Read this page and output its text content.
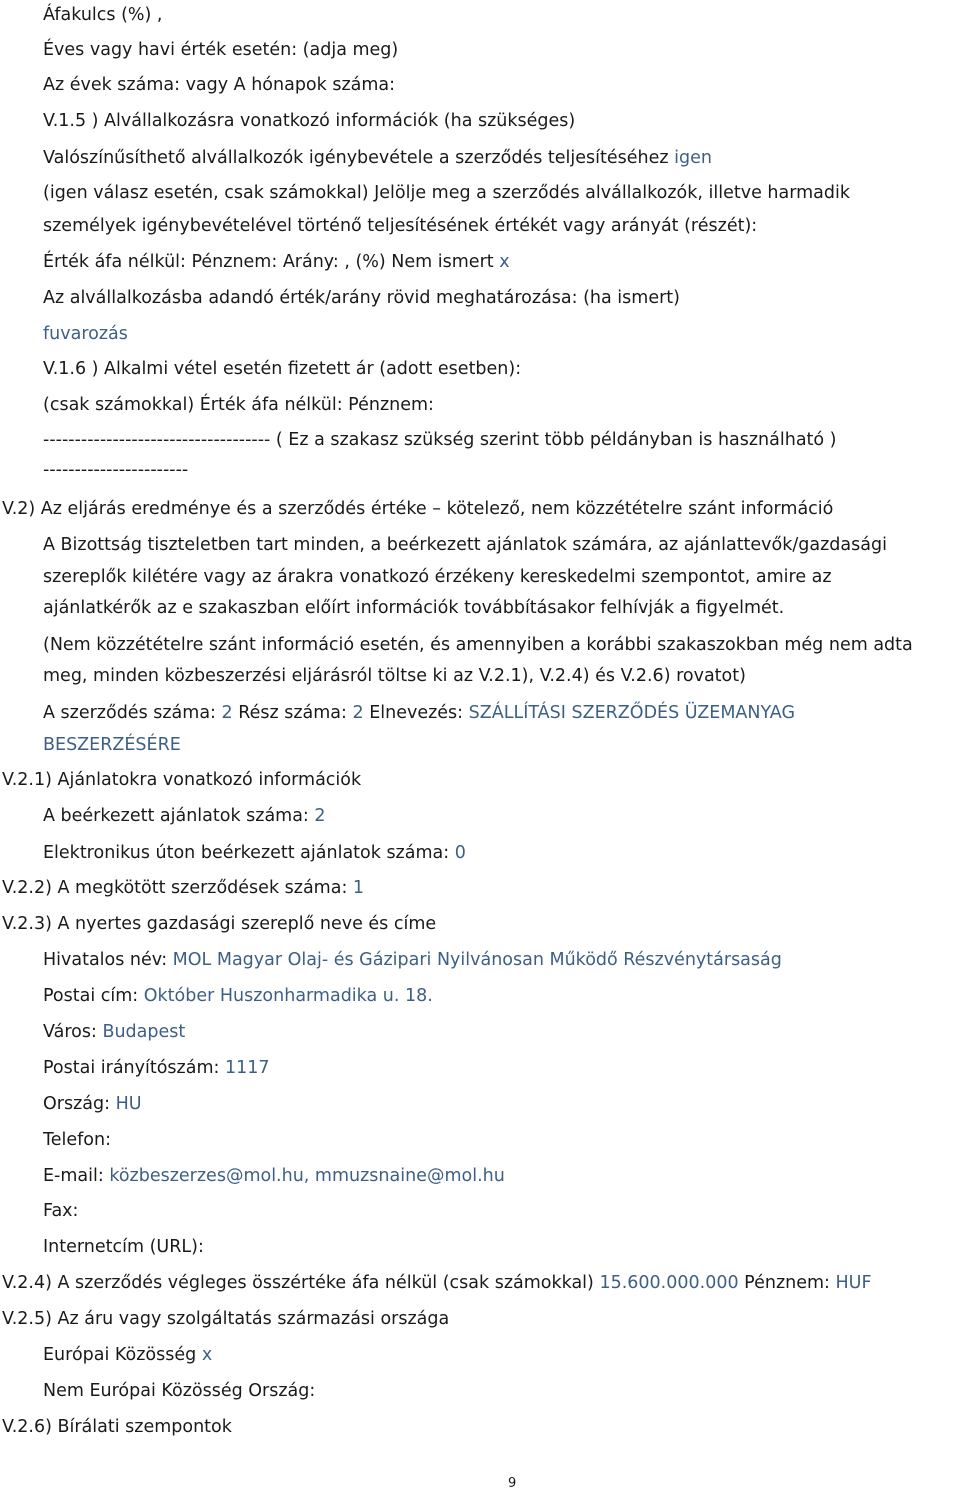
Áfakulcs (%) ,
Éves vagy havi érték esetén: (adja meg)
Az évek száma: vagy A hónapok száma:
V.1.5 ) Alvállalkozásra vonatkozó információk (ha szükséges)
Valószínűsíthető alvállalkozók igénybevétele a szerződés teljesítéséhez igen
(igen válasz esetén, csak számokkal) Jelölje meg a szerződés alvállalkozók, illetve harmadik
személyek igénybevételével történő teljesítésének értékét vagy arányát (részét):
Érték áfa nélkül: Pénznem: Arány: , (%) Nem ismert x
Az alvállalkozásba adandó érték/arány rövid meghatározása: (ha ismert)
fuvarozás
V.1.6 ) Alkalmi vétel esetén fizetett ár (adott esetben):
(csak számokkal) Érték áfa nélkül: Pénznem:
------------------------------------ ( Ez a szakasz szükség szerint több példányban is használható )
-----------------------
V.2) Az eljárás eredménye és a szerződés értéke – kötelező, nem közzétételre szánt információ
A Bizottság tiszteletben tart minden, a beérkezett ajánlatok számára, az ajánlattevők/gazdasági
szereplők kilétére vagy az árakra vonatkozó érzékeny kereskedelmi szempontot, amire az
ajánlatkérők az e szakaszban előírt információk továbbításakor felhívják a figyelmét.
(Nem közzétételre szánt információ esetén, és amennyiben a korábbi szakaszokban még nem adta
meg, minden közbeszerzési eljárásról töltse ki az V.2.1), V.2.4) és V.2.6) rovatot)
A szerződés száma: 2 Rész száma: 2 Elnevezés: SZÁLLÍTÁSI SZERZŐDÉS ÜZEMANYAG
BESZERZÉSÉRE
V.2.1) Ajánlatokra vonatkozó információk
A beérkezett ajánlatok száma: 2
Elektronikus úton beérkezett ajánlatok száma: 0
V.2.2) A megkötött szerződések száma: 1
V.2.3) A nyertes gazdasági szereplő neve és címe
Hivatalos név: MOL Magyar Olaj- és Gázipari Nyilvánosan Működő Részvénytársaság
Postai cím: Október Huszonharmadika u. 18.
Város: Budapest
Postai irányítószám: 1117
Ország: HU
Telefon:
E-mail: közbeszerzes@mol.hu, mmuzsnaine@mol.hu
Fax:
Internetcím (URL):
V.2.4) A szerződés végleges összértéke áfa nélkül (csak számokkal) 15.600.000.000 Pénznem: HUF
V.2.5) Az áru vagy szolgáltatás származási országa
Európai Közösség x
Nem Európai Közösség Ország:
V.2.6) Bírálati szempontok
9
